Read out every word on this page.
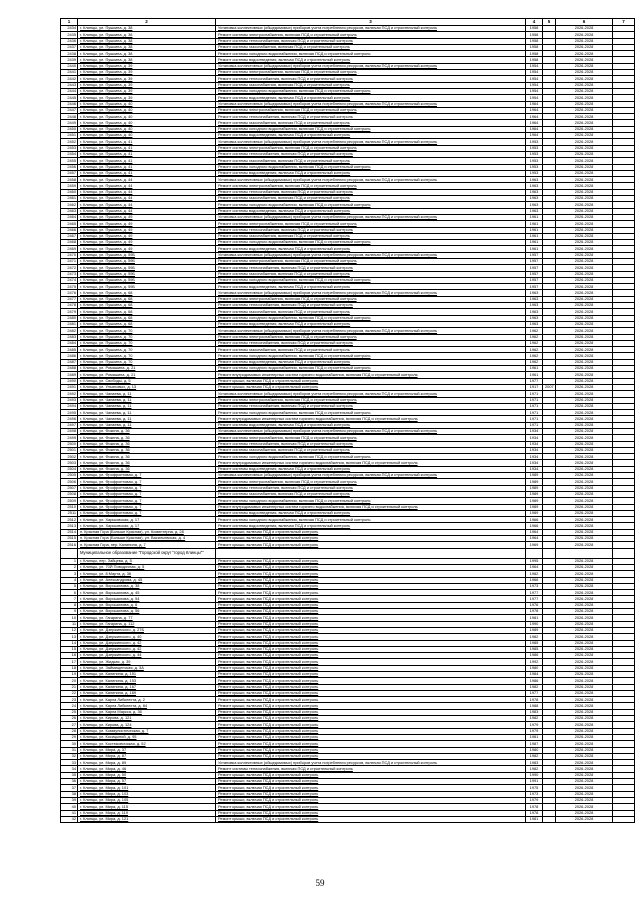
1	2	3	4	5	6	7
2434	г. Клинцы, ул. Пушкина, д. 38	Установка коллективных (общедомовых) приборов учета потребления ресурсов, включая ПСД и строительный контроль	1958		2026-2028	
2435	г. Клинцы, ул. Пушкина, д. 38	Ремонт системы электроснабжения, включая ПСД и строительный контроль	1958		2026-2028	
2436	г. Клинцы, ул. Пушкина, д. 38	Ремонт системы теплоснабжения, включая ПСД и строительный контроль	1958		2026-2028	
2437	г. Клинцы, ул. Пушкина, д. 38	Ремонт системы газоснабжения, включая ПСД и строительный контроль	1958		2026-2028	
2438	г. Клинцы, ул. Пушкина, д. 38	Ремонт системы холодного водоснабжения, включая ПСД и строительный контроль	1958		2026-2028	
2439	г. Клинцы, ул. Пушкина, д. 38	Ремонт системы водоотведения, включая ПСД и строительный контроль	1958		2026-2028	
2440	г. Клинцы, ул. Пушкина, д. 39	Установка коллективных (общедомовых) приборов учета потребления ресурсов, включая ПСД и строительный контроль	1954		2026-2028	
2441	г. Клинцы, ул. Пушкина, д. 39	Ремонт системы электроснабжения, включая ПСД и строительный контроль	1954		2026-2028	
2442	г. Клинцы, ул. Пушкина, д. 39	Ремонт системы теплоснабжения, включая ПСД и строительный контроль	1954		2026-2028	
2443	г. Клинцы, ул. Пушкина, д. 39	Ремонт системы газоснабжения, включая ПСД и строительный контроль	1954		2026-2028	
2444	г. Клинцы, ул. Пушкина, д. 39	Ремонт системы холодного водоснабжения, включая ПСД и строительный контроль	1954		2026-2028	
2445	г. Клинцы, ул. Пушкина, д. 39	Ремонт системы водоотведения, включая ПСД и строительный контроль	1954		2026-2028	
2446	г. Клинцы, ул. Пушкина, д. 40	Установка коллективных (общедомовых) приборов учета потребления ресурсов, включая ПСД и строительный контроль	1964		2026-2028	
2447	г. Клинцы, ул. Пушкина, д. 40	Ремонт системы электроснабжения, включая ПСД и строительный контроль	1964		2026-2028	
2448	г. Клинцы, ул. Пушкина, д. 40	Ремонт системы теплоснабжения, включая ПСД и строительный контроль	1964		2026-2028	
2449	г. Клинцы, ул. Пушкина, д. 40	Ремонт системы газоснабжения, включая ПСД и строительный контроль	1964		2026-2028	
2450	г. Клинцы, ул. Пушкина, д. 40	Ремонт системы холодного водоснабжения, включая ПСД и строительный контроль	1964		2026-2028	
2451	г. Клинцы, ул. Пушкина, д. 40	Ремонт системы водоотведения, включая ПСД и строительный контроль	1964		2026-2028	
2452	г. Клинцы, ул. Пушкина, д. 41	Установка коллективных (общедомовых) приборов учета потребления ресурсов, включая ПСД и строительный контроль	1953		2026-2028	
2453	г. Клинцы, ул. Пушкина, д. 41	Ремонт системы электроснабжения, включая ПСД и строительный контроль	1953		2026-2028	
2454	г. Клинцы, ул. Пушкина, д. 41	Ремонт системы теплоснабжения, включая ПСД и строительный контроль	1953		2026-2028	
2455	г. Клинцы, ул. Пушкина, д. 41	Ремонт системы газоснабжения, включая ПСД и строительный контроль	1953		2026-2028	
2456	г. Клинцы, ул. Пушкина, д. 41	Ремонт системы холодного водоснабжения, включая ПСД и строительный контроль	1953		2026-2028	
2457	г. Клинцы, ул. Пушкина, д. 41	Ремонт системы водоотведения, включая ПСД и строительный контроль	1953		2026-2028	
2458	г. Клинцы, ул. Пушкина, д. 44	Установка коллективных (общедомовых) приборов учета потребления ресурсов, включая ПСД и строительный контроль	1963		2026-2028	
2459	г. Клинцы, ул. Пушкина, д. 44	Ремонт системы электроснабжения, включая ПСД и строительный контроль	1963		2026-2028	
2460	г. Клинцы, ул. Пушкина, д. 44	Ремонт системы теплоснабжения, включая ПСД и строительный контроль	1963		2026-2028	
2461	г. Клинцы, ул. Пушкина, д. 44	Ремонт системы газоснабжения, включая ПСД и строительный контроль	1963		2026-2028	
2462	г. Клинцы, ул. Пушкина, д. 44	Ремонт системы холодного водоснабжения, включая ПСД и строительный контроль	1963		2026-2028	
2463	г. Клинцы, ул. Пушкина, д. 44	Ремонт системы водоотведения, включая ПСД и строительный контроль	1963		2026-2028	
2464	г. Клинцы, ул. Пушкина, д. 49	Установка коллективных (общедомовых) приборов учета потребления ресурсов, включая ПСД и строительный контроль	1961		2026-2028	
2465	г. Клинцы, ул. Пушкина, д. 49	Ремонт системы электроснабжения, включая ПСД и строительный контроль	1961		2026-2028	
2466	г. Клинцы, ул. Пушкина, д. 49	Ремонт системы теплоснабжения, включая ПСД и строительный контроль	1961		2026-2028	
2467	г. Клинцы, ул. Пушкина, д. 49	Ремонт системы газоснабжения, включая ПСД и строительный контроль	1961		2026-2028	
2468	г. Клинцы, ул. Пушкина, д. 49	Ремонт системы холодного водоснабжения, включая ПСД и строительный контроль	1961		2026-2028	
2469	г. Клинцы, ул. Пушкина, д. 49	Ремонт системы водоотведения, включая ПСД и строительный контроль	1961		2026-2028	
2470	г. Клинцы, ул. Пушкина, д. 59Б	Установка коллективных (общедомовых) приборов учета потребления ресурсов, включая ПСД и строительный контроль	1957		2026-2028	
2471	г. Клинцы, ул. Пушкина, д. 59Б	Ремонт системы электроснабжения, включая ПСД и строительный контроль	1957		2026-2028	
2472	г. Клинцы, ул. Пушкина, д. 59Б	Ремонт системы теплоснабжения, включая ПСД и строительный контроль	1957		2026-2028	
2473	г. Клинцы, ул. Пушкина, д. 59Б	Ремонт системы газоснабжения, включая ПСД и строительный контроль	1957		2026-2028	
2474	г. Клинцы, ул. Пушкина, д. 59Б	Ремонт системы холодного водоснабжения, включая ПСД и строительный контроль	1957		2026-2028	
2475	г. Клинцы, ул. Пушкина, д. 59Б	Ремонт системы водоотведения, включая ПСД и строительный контроль	1957		2026-2028	
2476	г. Клинцы, ул. Пушкина, д. 68	Установка коллективных (общедомовых) приборов учета потребления ресурсов, включая ПСД и строительный контроль	1963		2026-2028	
2477	г. Клинцы, ул. Пушкина, д. 68	Ремонт системы электроснабжения, включая ПСД и строительный контроль	1963		2026-2028	
2478	г. Клинцы, ул. Пушкина, д. 68	Ремонт системы теплоснабжения, включая ПСД и строительный контроль	1963		2026-2028	
2479	г. Клинцы, ул. Пушкина, д. 68	Ремонт системы газоснабжения, включая ПСД и строительный контроль	1963		2026-2028	
2480	г. Клинцы, ул. Пушкина, д. 68	Ремонт системы холодного водоснабжения, включая ПСД и строительный контроль	1963		2026-2028	
2481	г. Клинцы, ул. Пушкина, д. 68	Ремонт системы водоотведения, включая ПСД и строительный контроль	1963		2026-2028	
2482	г. Клинцы, ул. Пушкина, д. 70	Установка коллективных (общедомовых) приборов учета потребления ресурсов, включая ПСД и строительный контроль	1962		2026-2028	
2483	г. Клинцы, ул. Пушкина, д. 70	Ремонт системы электроснабжения, включая ПСД и строительный контроль	1962		2026-2028	
2484	г. Клинцы, ул. Пушкина, д. 70	Ремонт системы теплоснабжения, включая ПСД и строительный контроль	1962		2026-2028	
2485	г. Клинцы, ул. Пушкина, д. 70	Ремонт системы газоснабжения, включая ПСД и строительный контроль	1962		2026-2028	
2486	г. Клинцы, ул. Пушкина, д. 70	Ремонт системы холодного водоснабжения, включая ПСД и строительный контроль	1962		2026-2028	
2487	г. Клинцы, ул. Пушкина, д. 70	Ремонт системы водоотведения, включая ПСД и строительный контроль	1962		2026-2028	
2488	г. Клинцы, ул. Ромашина, д. 21	Ремонт системы холодного водоснабжения, включая ПСД и строительный контроль	1961		2026-2028	
2489	г. Клинцы, ул. Ромашина, д. 21	Ремонт внутридомовых инженерных систем горячего водоснабжения, включая ПСД и строительный контроль	1961		2026-2028	
2490	г. Клинцы, ул. Свободы, д. 5	Ремонт крыши, включая ПСД и строительный контроль	1977		2026-2028	
2491	г. Клинцы, ул. Ульяновых, д. 13	Ремонт крыши, включая ПСД и строительный контроль	1917	2007	2026-2028	
2492	г. Клинцы, ул. Чапаева, д. 11	Установка коллективных (общедомовых) приборов учета потребления ресурсов, включая ПСД и строительный контроль	1971		2026-2028	
2493	г. Клинцы, ул. Чапаева, д. 11	Ремонт системы электроснабжения, включая ПСД и строительный контроль	1971		2026-2028	
2494	г. Клинцы, ул. Чапаева, д. 11	Ремонт системы теплоснабжения, включая ПСД и строительный контроль	1971		2026-2028	
2495	г. Клинцы, ул. Чапаева, д. 11	Ремонт системы холодного водоснабжения, включая ПСД и строительный контроль	1971		2026-2028	
2496	г. Клинцы, ул. Чапаева, д. 11	Ремонт внутридомовых инженерных систем горячего водоснабжения, включая ПСД и строительный контроль	1971		2026-2028	
2497	г. Клинцы, ул. Чапаева, д. 11	Ремонт системы водоотведения, включая ПСД и строительный контроль	1971		2026-2028	
2498	г. Клинцы, ул. Фокина, д. 36	Установка коллективных (общедомовых) приборов учета потребления ресурсов, включая ПСД и строительный контроль	1934		2026-2028	
2499	г. Клинцы, ул. Фокина, д. 36	Ремонт системы электроснабжения, включая ПСД и строительный контроль	1934		2026-2028	
2500	г. Клинцы, ул. Фокина, д. 36	Ремонт системы теплоснабжения, включая ПСД и строительный контроль	1934		2026-2028	
2501	г. Клинцы, ул. Фокина, д. 36	Ремонт системы газоснабжения, включая ПСД и строительный контроль	1934		2026-2028	
2502	г. Клинцы, ул. Фокина, д. 36	Ремонт системы холодного водоснабжения, включая ПСД и строительный контроль	1934		2026-2028	
2503	г. Клинцы, ул. Фокина, д. 36	Ремонт внутридомовых инженерных систем горячего водоснабжения, включая ПСД и строительный контроль	1934		2026-2028	
2504	г. Клинцы, ул. Фокина, д. 36	Ремонт системы водоотведения, включая ПСД и строительный контроль	1934		2026-2028	
2505	г. Клинцы, ул. Фрофронтовая, д. 7	Установка коллективных (общедомовых) приборов учета потребления ресурсов, включая ПСД и строительный контроль	1989		2026-2028	
2506	г. Клинцы, ул. Фрофронтовая, д. 7	Ремонт системы электроснабжения, включая ПСД и строительный контроль	1989		2026-2028	
2507	г. Клинцы, ул. Фрофронтовая, д. 7	Ремонт системы теплоснабжения, включая ПСД и строительный контроль	1989		2026-2028	
2508	г. Клинцы, ул. Фрофронтовая, д. 7	Ремонт системы газоснабжения, включая ПСД и строительный контроль	1989		2026-2028	
2509	г. Клинцы, ул. Фрофронтовая, д. 7	Ремонт системы холодного водоснабжения, включая ПСД и строительный контроль	1989		2026-2028	
2510	г. Клинцы, ул. Фрофронтовая, д. 7	Ремонт внутридомовых инженерных систем горячего водоснабжения, включая ПСД и строительный контроль	1989		2026-2028	
2511	г. Клинцы, ул. Фрофронтовая, д. 7	Ремонт системы водоотведения, включая ПСД и строительный контроль	1989		2026-2028	
2512	г. Клинцы, ул. Харьковская, д. 17	Ремонт системы холодного водоснабжения, включая ПСД и строительный контроль	1966		2026-2028	
2513	г. Клинцы, ул. Харьковская, д. 17	Ремонт системы водоотведения, включая ПСД и строительный контроль	1966		2026-2028	
2514	п. Красная Гора (Больше Красная), ул. Коминтерна, д. 28	Ремонт крыши, включая ПСД и строительный контроль	1964		2026-2028	
2515	п. Красная Гора (Больше Красная), ул. Васильевская, д. 4	Ремонт крыши, включая ПСД и строительный контроль	1964		2026-2028	
2516	п. Красная Гора, пер. Калинина, д. 7	Ремонт крыши, включая ПСД и строительный контроль	1969		2026-2028	
	Муниципальное образование "Городской округ "город Клинцы""					
1	г. Клинцы, пер. Зайцева, д. 5	Ремонт крыши, включая ПСД и строительный контроль	1995		2026-2028	
2	г. Клинцы, ул. 70Й Поводочная, д. 5	Ремонт крыши, включая ПСД и строительный контроль	1964		2026-2028	
3	г. Клинцы, ул. 8 Марта, д. 36	Ремонт крыши, включая ПСД и строительный контроль	1982		2026-2028	
4	г. Клинцы, ул. Александрова, д. 45	Ремонт крыши, включая ПСД и строительный контроль	1966		2026-2028	
5	г. Клинцы, ул. Ворошилова, д. 38	Ремонт крыши, включая ПСД и строительный контроль	1973		2026-2028	
6	г. Клинцы, ул. Ворошилова, д. 45	Ремонт крыши, включая ПСД и строительный контроль	1977		2026-2028	
7	г. Клинцы, ул. Ворошилова, д. 54	Ремонт крыши, включая ПСД и строительный контроль	1977		2026-2028	
8	г. Клинцы, ул. Ворошилова, д. 6	Ремонт крыши, включая ПСД и строительный контроль	1976		2026-2028	
9	г. Клинцы, ул. Ворошилова, д. 56	Ремонт крыши, включая ПСД и строительный контроль	1978		2026-2028	
10	г. Клинцы, ул. Гагарина, д. 77	Ремонт крыши, включая ПСД и строительный контроль	1981		2026-2028	
11	г. Клинцы, ул. Гагарина, д. 112	Ремонт крыши, включая ПСД и строительный контроль	1990		2026-2028	
12	г. Клинцы, ул. Дзержинского, д. 27Б	Ремонт крыши, включая ПСД и строительный контроль	1989		2026-2028	
13	г. Клинцы, ул. Дзержинского, д. 40	Ремонт крыши, включая ПСД и строительный контроль	1982		2026-2028	
14	г. Клинцы, ул. Дзержинского, д. 42	Ремонт крыши, включая ПСД и строительный контроль	1985		2026-2028	
15	г. Клинцы, ул. Дзержинского, д. 42	Ремонт крыши, включая ПСД и строительный контроль	1985		2026-2028	
16	г. Клинцы, ул. Дзержинского, д. 44	Ремонт крыши, включая ПСД и строительный контроль	1986		2026-2028	
17	г. Клинцы, ул. Жидкая, д. 39	Ремонт крыши, включая ПСД и строительный контроль	1992		2026-2028	
18	г. Клинцы, ул. Займищенская, д. 3А	Ремонт крыши, включая ПСД и строительный контроль	1980		2026-2028	
19	г. Клинцы, ул. Калинина, д. 151	Ремонт крыши, включая ПСД и строительный контроль	1984		2026-2028	
20	г. Клинцы, ул. Калинина, д. 153	Ремонт крыши, включая ПСД и строительный контроль	1986		2026-2028	
21	г. Клинцы, ул. Калинина, д. 167	Ремонт крыши, включая ПСД и строительный контроль	1982		2026-2028	
22	г. Клинцы, ул. Калинина, д. 169	Ремонт крыши, включая ПСД и строительный контроль	1977		2026-2028	
23	г. Клинцы, ул. Карла Либкнехта, д. 2	Ремонт крыши, включая ПСД и строительный контроль	1978		2026-2028	
24	г. Клинцы, ул. Карла Либкнехта, д. 84	Ремонт крыши, включая ПСД и строительный контроль	1988		2026-2028	
25	г. Клинцы, ул. Карла Маркса, д. 36	Ремонт крыши, включая ПСД и строительный контроль	1983		2026-2028	
26	г. Клинцы, ул. Кирова, д. 121	Ремонт крыши, включая ПСД и строительный контроль	1982		2026-2028	
27	г. Клинцы, ул. Кирова, д. 124	Ремонт крыши, включая ПСД и строительный контроль	1979		2026-2028	
28	г. Клинцы, ул. Коммунистическая, д. 7	Ремонт крыши, включая ПСД и строительный контроль	1979		2026-2028	
29	г. Клинцы, ул. Косицыной, д. 95	Ремонт крыши, включая ПСД и строительный контроль	1981		2026-2028	
30	г. Клинцы, ул. Костюковичская, д. 52	Ремонт крыши, включая ПСД и строительный контроль	1987		2026-2028	
31	г. Клинцы, ул. Мира, д. 37	Ремонт крыши, включая ПСД и строительный контроль	1980		2026-2028	
32	г. Клинцы, ул. Мира, д. 87	Ремонт крыши, включая ПСД и строительный контроль	1982		2026-2028	
33	г. Клинцы, ул. Мира, д. 89	Установка коллективных (общедомовых) приборов учета потребления ресурсов, включая ПСД и строительный контроль	1983		2026-2028	
34	г. Клинцы, ул. Мира, д. 46	Ремонт системы теплоснабжения, включая ПСД и строительный контроль	1982		2026-2028	
35	г. Клинцы, ул. Мира, д. 50	Ремонт крыши, включая ПСД и строительный контроль	1990		2026-2028	
36	г. Клинцы, ул. Мира, д. 57	Ремонт крыши, включая ПСД и строительный контроль	1991		2026-2028	
37	г. Клинцы, ул. Мира, д. 101	Ремонт крыши, включая ПСД и строительный контроль	1975		2026-2028	
38	г. Клинцы, ул. Мира, д. 103	Ремонт крыши, включая ПСД и строительный контроль	1973		2026-2028	
39	г. Клинцы, ул. Мира, д. 105	Ремонт крыши, включая ПСД и строительный контроль	1979		2026-2028	
40	г. Клинцы, ул. Мира, д. 115	Ремонт крыши, включая ПСД и строительный контроль	1978		2026-2028	
41	г. Клинцы, ул. Мира, д. 119	Ремонт крыши, включая ПСД и строительный контроль	1978		2026-2028	
42	г. Клинцы, ул. Мира, д. 121	Ремонт крыши, включая ПСД и строительный контроль	1981		2026-2028	
59
